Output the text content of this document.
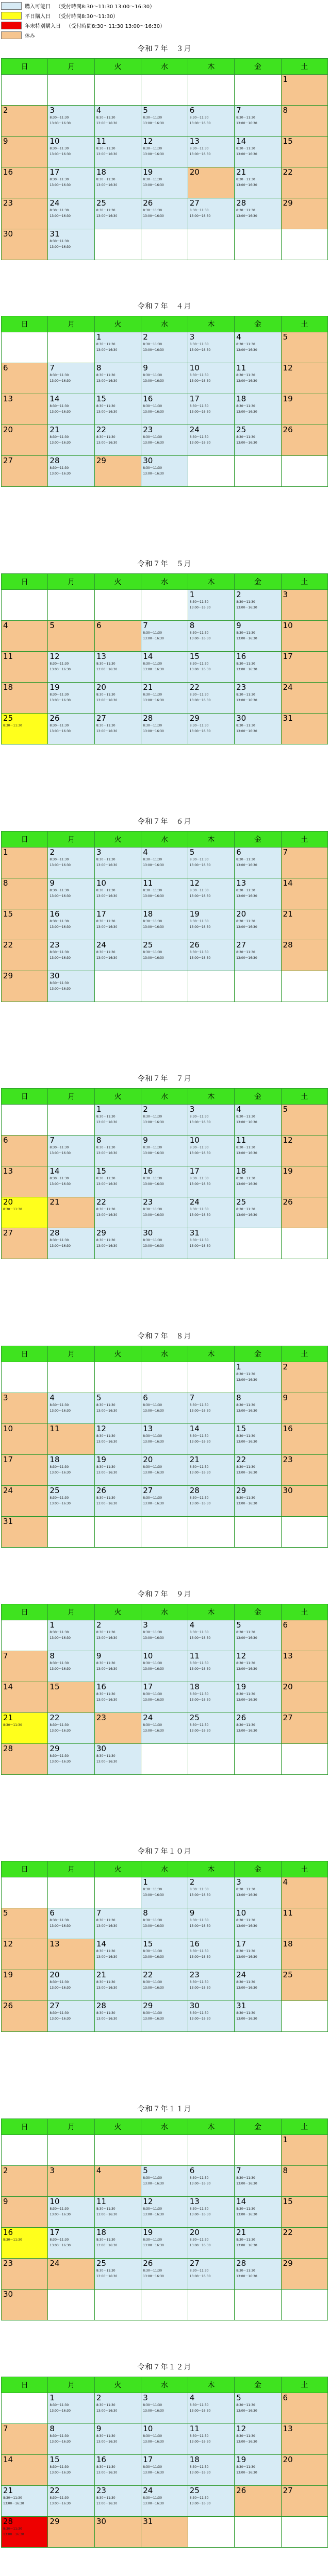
購入可能日 （受付時間8:30〜11:30 13:00〜16:30）
平日購入日 （受付時間8:30〜11:30）
年末特別購入日 （受付時間8:30〜11:30 13:00〜16:30）
休み
令和７年　３月
日	月	火	水	木	金	土

						1

2	3
8:30〜11:30
13:00〜16:30	4
8:30〜11:30
13:00〜16:30	5
8:30〜11:30
13:00〜16:30	6
8:30〜11:30
13:00〜16:30	7
8:30〜11:30
13:00〜16:30	8

9	10
8:30〜11:30
13:00〜16:30	11
8:30〜11:30
13:00〜16:30	12
8:30〜11:30
13:00〜16:30	13
8:30〜11:30
13:00〜16:30	14
8:30〜11:30
13:00〜16:30	15

16	17
8:30〜11:30
13:00〜16:30	18
8:30〜11:30
13:00〜16:30	19
8:30〜11:30
13:00〜16:30	20	21
8:30〜11:30
13:00〜16:30	22

23	24
8:30〜11:30
13:00〜16:30	25
8:30〜11:30
13:00〜16:30	26
8:30〜11:30
13:00〜16:30	27
8:30〜11:30
13:00〜16:30	28
8:30〜11:30
13:00〜16:30	29

30	31
8:30〜11:30
13:00〜16:30					

令和７年　４月
日	月	火	水	木	金	土

		1
8:30〜11:30
13:00〜16:30	2
8:30〜11:30
13:00〜16:30	3
8:30〜11:30
13:00〜16:30	4
8:30〜11:30
13:00〜16:30	5

6	7
8:30〜11:30
13:00〜16:30	8
8:30〜11:30
13:00〜16:30	9
8:30〜11:30
13:00〜16:30	10
8:30〜11:30
13:00〜16:30	11
8:30〜11:30
13:00〜16:30	12

13	14
8:30〜11:30
13:00〜16:30	15
8:30〜11:30
13:00〜16:30	16
8:30〜11:30
13:00〜16:30	17
8:30〜11:30
13:00〜16:30	18
8:30〜11:30
13:00〜16:30	19

20	21
8:30〜11:30
13:00〜16:30	22
8:30〜11:30
13:00〜16:30	23
8:30〜11:30
13:00〜16:30	24
8:30〜11:30
13:00〜16:30	25
8:30〜11:30
13:00〜16:30	26

27	28
8:30〜11:30
13:00〜16:30	29	30
8:30〜11:30
13:00〜16:30			

令和７年　５月
日	月	火	水	木	金	土

				1
8:30〜11:30
13:00〜16:30	2
8:30〜11:30
13:00〜16:30	3

4	5	6	7
8:30〜11:30
13:00〜16:30	8
8:30〜11:30
13:00〜16:30	9
8:30〜11:30
13:00〜16:30	10

11	12
8:30〜11:30
13:00〜16:30	13
8:30〜11:30
13:00〜16:30	14
8:30〜11:30
13:00〜16:30	15
8:30〜11:30
13:00〜16:30	16
8:30〜11:30
13:00〜16:30	17

18	19
8:30〜11:30
13:00〜16:30	20
8:30〜11:30
13:00〜16:30	21
8:30〜11:30
13:00〜16:30	22
8:30〜11:30
13:00〜16:30	23
8:30〜11:30
13:00〜16:30	24

25
8:30〜11:30	26
8:30〜11:30
13:00〜16:30	27
8:30〜11:30
13:00〜16:30	28
8:30〜11:30
13:00〜16:30	29
8:30〜11:30
13:00〜16:30	30
8:30〜11:30
13:00〜16:30	31
令和７年　６月
日	月	火	水	木	金	土

1	2
8:30〜11:30
13:00〜16:30	3
8:30〜11:30
13:00〜16:30	4
8:30〜11:30
13:00〜16:30	5
8:30〜11:30
13:00〜16:30	6
8:30〜11:30
13:00〜16:30	7

8	9
8:30〜11:30
13:00〜16:30	10
8:30〜11:30
13:00〜16:30	11
8:30〜11:30
13:00〜16:30	12
8:30〜11:30
13:00〜16:30	13
8:30〜11:30
13:00〜16:30	14

15	16
8:30〜11:30
13:00〜16:30	17
8:30〜11:30
13:00〜16:30	18
8:30〜11:30
13:00〜16:30	19
8:30〜11:30
13:00〜16:30	20
8:30〜11:30
13:00〜16:30	21

22	23
8:30〜11:30
13:00〜16:30	24
8:30〜11:30
13:00〜16:30	25
8:30〜11:30
13:00〜16:30	26
8:30〜11:30
13:00〜16:30	27
8:30〜11:30
13:00〜16:30	28

29	30
8:30〜11:30
13:00〜16:30					

令和７年　７月
日	月	火	水	木	金	土

		1
8:30〜11:30
13:00〜16:30	2
8:30〜11:30
13:00〜16:30	3
8:30〜11:30
13:00〜16:30	4
8:30〜11:30
13:00〜16:30	5

6	7
8:30〜11:30
13:00〜16:30	8
8:30〜11:30
13:00〜16:30	9
8:30〜11:30
13:00〜16:30	10
8:30〜11:30
13:00〜16:30	11
8:30〜11:30
13:00〜16:30	12

13	14
8:30〜11:30
13:00〜16:30	15
8:30〜11:30
13:00〜16:30	16
8:30〜11:30
13:00〜16:30	17
8:30〜11:30
13:00〜16:30	18
8:30〜11:30
13:00〜16:30	19

20
8:30〜11:30	21	22
8:30〜11:30
13:00〜16:30	23
8:30〜11:30
13:00〜16:30	24
8:30〜11:30
13:00〜16:30	25
8:30〜11:30
13:00〜16:30	26

27	28
8:30〜11:30
13:00〜16:30	29
8:30〜11:30
13:00〜16:30	30
8:30〜11:30
13:00〜16:30	31
8:30〜11:30
13:00〜16:30		

令和７年　８月
日	月	火	水	木	金	土

					1
8:30〜11:30
13:00〜16:30	2

3	4
8:30〜11:30
13:00〜16:30	5
8:30〜11:30
13:00〜16:30	6
8:30〜11:30
13:00〜16:30	7
8:30〜11:30
13:00〜16:30	8
8:30〜11:30
13:00〜16:30	9

10	11	12
8:30〜11:30
13:00〜16:30	13
8:30〜11:30
13:00〜16:30	14
8:30〜11:30
13:00〜16:30	15
8:30〜11:30
13:00〜16:30	16

17	18
8:30〜11:30
13:00〜16:30	19
8:30〜11:30
13:00〜16:30	20
8:30〜11:30
13:00〜16:30	21
8:30〜11:30
13:00〜16:30	22
8:30〜11:30
13:00〜16:30	23

24	25
8:30〜11:30
13:00〜16:30	26
8:30〜11:30
13:00〜16:30	27
8:30〜11:30
13:00〜16:30	28
8:30〜11:30
13:00〜16:30	29
8:30〜11:30
13:00〜16:30	30

31						

令和７年　９月
日	月	火	水	木	金	土

	1
8:30〜11:30
13:00〜16:30	2
8:30〜11:30
13:00〜16:30	3
8:30〜11:30
13:00〜16:30	4
8:30〜11:30
13:00〜16:30	5
8:30〜11:30
13:00〜16:30	6

7	8
8:30〜11:30
13:00〜16:30	9
8:30〜11:30
13:00〜16:30	10
8:30〜11:30
13:00〜16:30	11
8:30〜11:30
13:00〜16:30	12
8:30〜11:30
13:00〜16:30	13

14	15	16
8:30〜11:30
13:00〜16:30	17
8:30〜11:30
13:00〜16:30	18
8:30〜11:30
13:00〜16:30	19
8:30〜11:30
13:00〜16:30	20

21
8:30〜11:30	22
8:30〜11:30
13:00〜16:30	23	24
8:30〜11:30
13:00〜16:30	25
8:30〜11:30
13:00〜16:30	26
8:30〜11:30
13:00〜16:30	27

28	29
8:30〜11:30
13:00〜16:30	30
8:30〜11:30
13:00〜16:30				

令和７年１０月
日	月	火	水	木	金	土

			1
8:30〜11:30
13:00〜16:30	2
8:30〜11:30
13:00〜16:30	3
8:30〜11:30
13:00〜16:30	4

5	6
8:30〜11:30
13:00〜16:30	7
8:30〜11:30
13:00〜16:30	8
8:30〜11:30
13:00〜16:30	9
8:30〜11:30
13:00〜16:30	10
8:30〜11:30
13:00〜16:30	11

12	13	14
8:30〜11:30
13:00〜16:30	15
8:30〜11:30
13:00〜16:30	16
8:30〜11:30
13:00〜16:30	17
8:30〜11:30
13:00〜16:30	18

19	20
8:30〜11:30
13:00〜16:30	21
8:30〜11:30
13:00〜16:30	22
8:30〜11:30
13:00〜16:30	23
8:30〜11:30
13:00〜16:30	24
8:30〜11:30
13:00〜16:30	25

26	27
8:30〜11:30
13:00〜16:30	28
8:30〜11:30
13:00〜16:30	29
8:30〜11:30
13:00〜16:30	30
8:30〜11:30
13:00〜16:30	31
8:30〜11:30
13:00〜16:30	

令和７年１１月
日	月	火	水	木	金	土

						1

2	3	4	5
8:30〜11:30
13:00〜16:30	6
8:30〜11:30
13:00〜16:30	7
8:30〜11:30
13:00〜16:30	8

9	10
8:30〜11:30
13:00〜16:30	11
8:30〜11:30
13:00〜16:30	12
8:30〜11:30
13:00〜16:30	13
8:30〜11:30
13:00〜16:30	14
8:30〜11:30
13:00〜16:30	15

16
8:30〜11:30	17
8:30〜11:30
13:00〜16:30	18
8:30〜11:30
13:00〜16:30	19
8:30〜11:30
13:00〜16:30	20
8:30〜11:30
13:00〜16:30	21
8:30〜11:30
13:00〜16:30	22

23	24	25
8:30〜11:30
13:00〜16:30	26
8:30〜11:30
13:00〜16:30	27
8:30〜11:30
13:00〜16:30	28
8:30〜11:30
13:00〜16:30	29

30						

令和７年１２月
日	月	火	水	木	金	土

	1
8:30〜11:30
13:00〜16:30	2
8:30〜11:30
13:00〜16:30	3
8:30〜11:30
13:00〜16:30	4
8:30〜11:30
13:00〜16:30	5
8:30〜11:30
13:00〜16:30	6

7	8
8:30〜11:30
13:00〜16:30	9
8:30〜11:30
13:00〜16:30	10
8:30〜11:30
13:00〜16:30	11
8:30〜11:30
13:00〜16:30	12
8:30〜11:30
13:00〜16:30	13

14	15
8:30〜11:30
13:00〜16:30	16
8:30〜11:30
13:00〜16:30	17
8:30〜11:30
13:00〜16:30	18
8:30〜11:30
13:00〜16:30	19
8:30〜11:30
13:00〜16:30	20

21
8:30〜11:30
13:00〜16:30	22
8:30〜11:30
13:00〜16:30	23
8:30〜11:30
13:00〜16:30	24
8:30〜11:30
13:00〜16:30	25
8:30〜11:30
13:00〜16:30	26	27

28
8:30〜11:30
13:00〜16:30	29	30	31			
